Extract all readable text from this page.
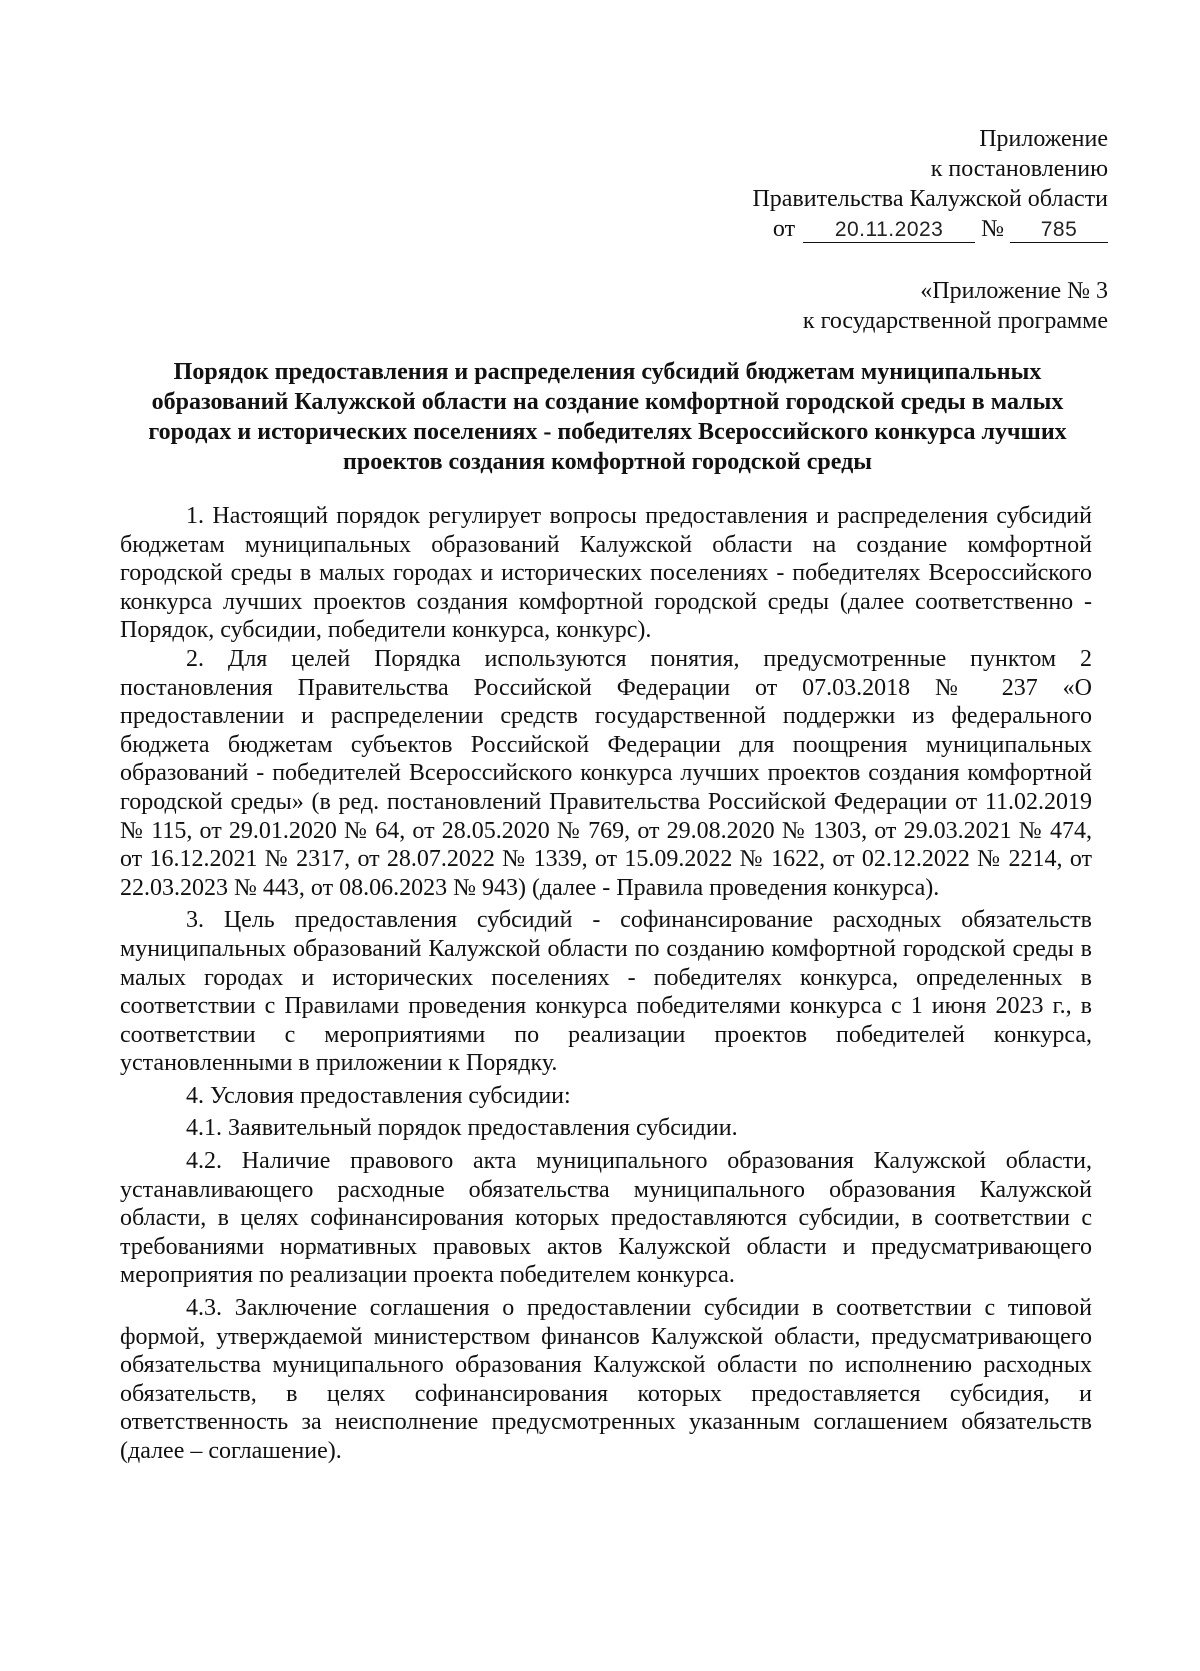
Приложение
к постановлению
Правительства Калужской области
от 20.11.2023 № 785
«Приложение № 3
к государственной программе
Порядок предоставления и распределения субсидий бюджетам муниципальных образований Калужской области на создание комфортной городской среды в малых городах и исторических поселениях - победителях Всероссийского конкурса лучших проектов создания комфортной городской среды

1. Настоящий порядок регулирует вопросы предоставления и распределения субсидий бюджетам муниципальных образований Калужской области на создание комфортной городской среды в малых городах и исторических поселениях - победителях Всероссийского конкурса лучших проектов создания комфортной городской среды (далее соответственно - Порядок, субсидии, победители конкурса, конкурс).

2. Для целей Порядка используются понятия, предусмотренные пунктом 2 постановления Правительства Российской Федерации от 07.03.2018 № 237 «О предоставлении и распределении средств государственной поддержки из федерального бюджета бюджетам субъектов Российской Федерации для поощрения муниципальных образований - победителей Всероссийского конкурса лучших проектов создания комфортной городской среды» (в ред. постановлений Правительства Российской Федерации от 11.02.2019 № 115, от 29.01.2020 № 64, от 28.05.2020 № 769, от 29.08.2020 № 1303, от 29.03.2021 № 474, от 16.12.2021 № 2317, от 28.07.2022 № 1339, от 15.09.2022 № 1622, от 02.12.2022 № 2214, от 22.03.2023 № 443, от 08.06.2023 № 943) (далее - Правила проведения конкурса).

3. Цель предоставления субсидий - софинансирование расходных обязательств муниципальных образований Калужской области по созданию комфортной городской среды в малых городах и исторических поселениях - победителях конкурса, определенных в соответствии с Правилами проведения конкурса победителями конкурса с 1 июня 2023 г., в соответствии с мероприятиями по реализации проектов победителей конкурса, установленными в приложении к Порядку.

4. Условия предоставления субсидии:

4.1. Заявительный порядок предоставления субсидии.

4.2. Наличие правового акта муниципального образования Калужской области, устанавливающего расходные обязательства муниципального образования Калужской области, в целях софинансирования которых предоставляются субсидии, в соответствии с требованиями нормативных правовых актов Калужской области и предусматривающего мероприятия по реализации проекта победителем конкурса.

4.3. Заключение соглашения о предоставлении субсидии в соответствии с типовой формой, утверждаемой министерством финансов Калужской области, предусматривающего обязательства муниципального образования Калужской области по исполнению расходных обязательств, в целях софинансирования которых предоставляется субсидия, и ответственность за неисполнение предусмотренных указанным соглашением обязательств (далее – соглашение).
